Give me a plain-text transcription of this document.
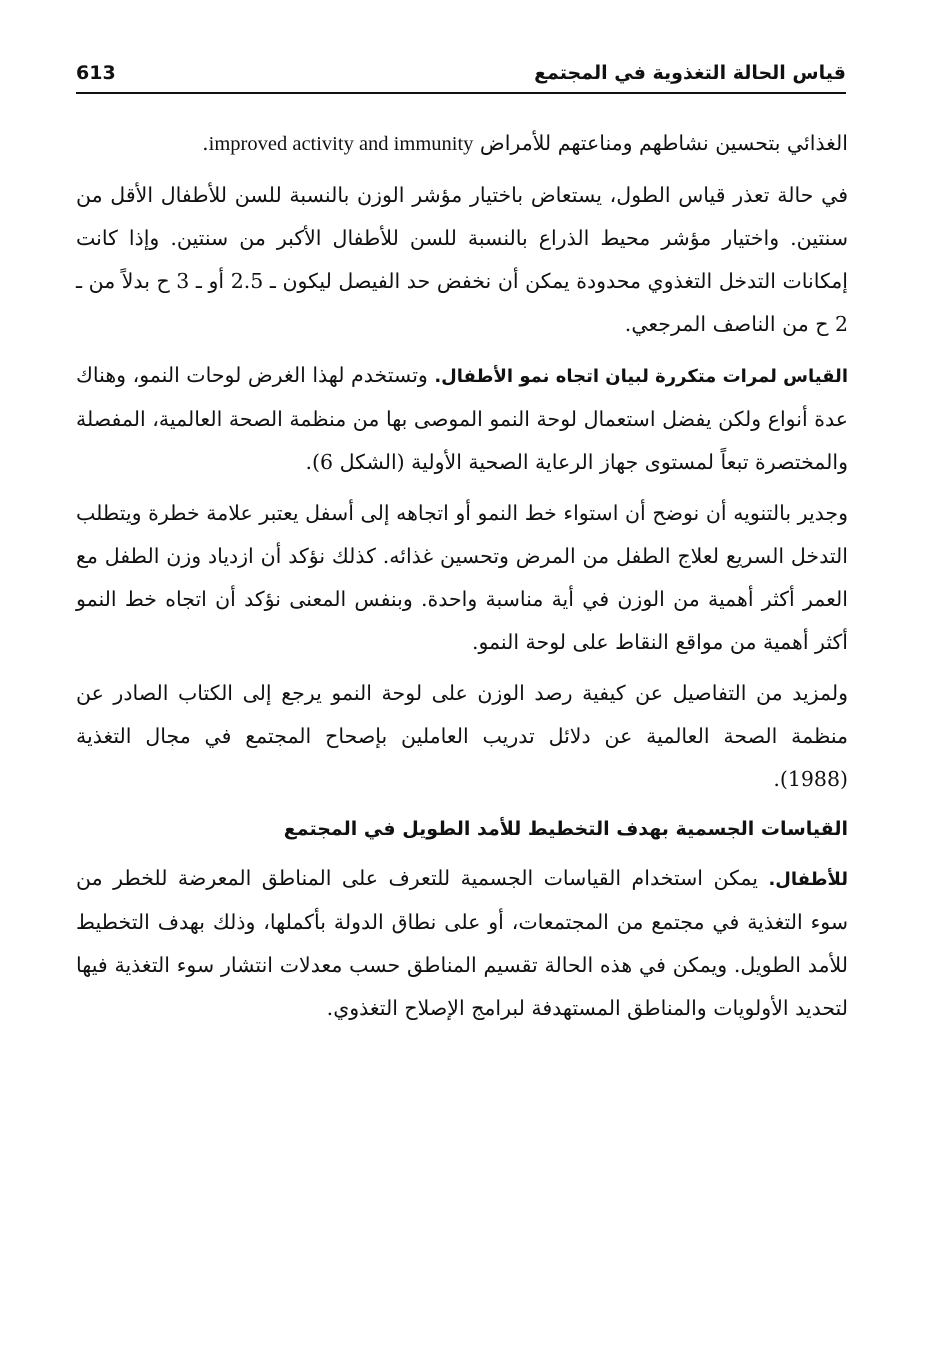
قياس الحالة التغذوية في المجتمع
613

الغذائي بتحسين نشاطهم ومناعتهم للأمراض improved activity and immunity.

في حالة تعذر قياس الطول، يستعاض باختيار مؤشر الوزن بالنسبة للسن للأطفال الأقل من سنتين. واختيار مؤشر محيط الذراع بالنسبة للسن للأطفال الأكبر من سنتين. وإذا كانت إمكانات التدخل التغذوي محدودة يمكن أن نخفض حد الفيصل ليكون ـ 2.5 أو ـ 3 ح بدلاً من ـ 2 ح من الناصف المرجعي.

القياس لمرات متكررة لبيان اتجاه نمو الأطفال. وتستخدم لهذا الغرض لوحات النمو، وهناك عدة أنواع ولكن يفضل استعمال لوحة النمو الموصى بها من منظمة الصحة العالمية، المفصلة والمختصرة تبعاً لمستوى جهاز الرعاية الصحية الأولية (الشكل 6).

وجدير بالتنويه أن نوضح أن استواء خط النمو أو اتجاهه إلى أسفل يعتبر علامة خطرة ويتطلب التدخل السريع لعلاج الطفل من المرض وتحسين غذائه. كذلك نؤكد أن ازدياد وزن الطفل مع العمر أكثر أهمية من الوزن في أية مناسبة واحدة. وبنفس المعنى نؤكد أن اتجاه خط النمو أكثر أهمية من مواقع النقاط على لوحة النمو.

ولمزيد من التفاصيل عن كيفية رصد الوزن على لوحة النمو يرجع إلى الكتاب الصادر عن منظمة الصحة العالمية عن دلائل تدريب العاملين بإصحاح المجتمع في مجال التغذية (1988).

القياسات الجسمية بهدف التخطيط للأمد الطويل في المجتمع

للأطفال. يمكن استخدام القياسات الجسمية للتعرف على المناطق المعرضة للخطر من سوء التغذية في مجتمع من المجتمعات، أو على نطاق الدولة بأكملها، وذلك بهدف التخطيط للأمد الطويل. ويمكن في هذه الحالة تقسيم المناطق حسب معدلات انتشار سوء التغذية فيها لتحديد الأولويات والمناطق المستهدفة لبرامج الإصلاح التغذوي.
